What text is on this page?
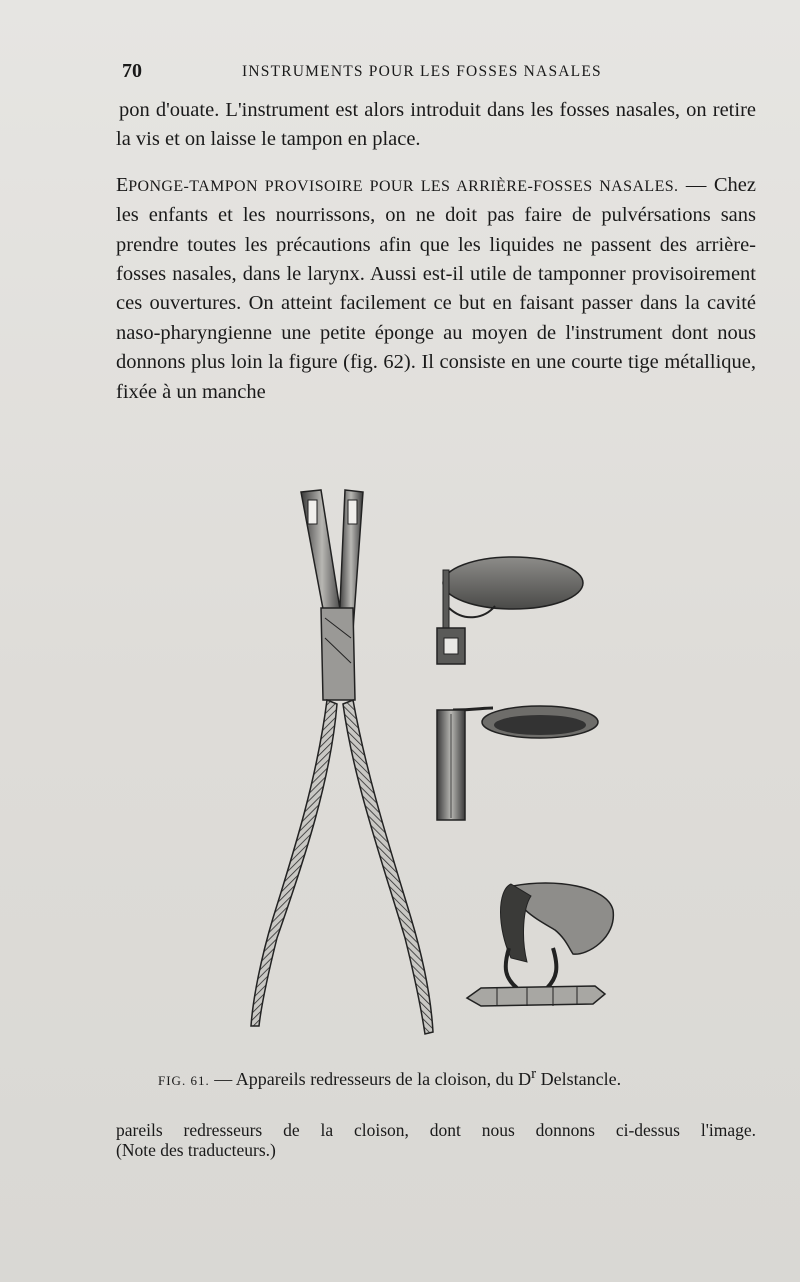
70	INSTRUMENTS POUR LES FOSSES NASALES

pon d'ouate. L'instrument est alors introduit dans les fosses nasales, on retire la vis et on laisse le tampon en place.

EPONGE-TAMPON PROVISOIRE POUR LES ARRIÈRE-FOSSES NASALES. — Chez les enfants et les nourrissons, on ne doit pas faire de pulvérsations sans prendre toutes les précautions afin que les liquides ne passent des arrière-fosses nasales, dans le larynx. Aussi est-il utile de tamponner provisoirement ces ouvertures. On atteint facilement ce but en faisant passer dans la cavité naso-pharyngienne une petite éponge au moyen de l'instrument dont nous donnons plus loin la figure (fig. 62). Il consiste en une courte tige métallique, fixée à un manche

FIG. 61. — Appareils redresseurs de la cloison, du $D^r$ Delstancle.

pareils redresseurs de la cloison, dont nous donnons ci-dessus l'image.

(Note des traducteurs.)
